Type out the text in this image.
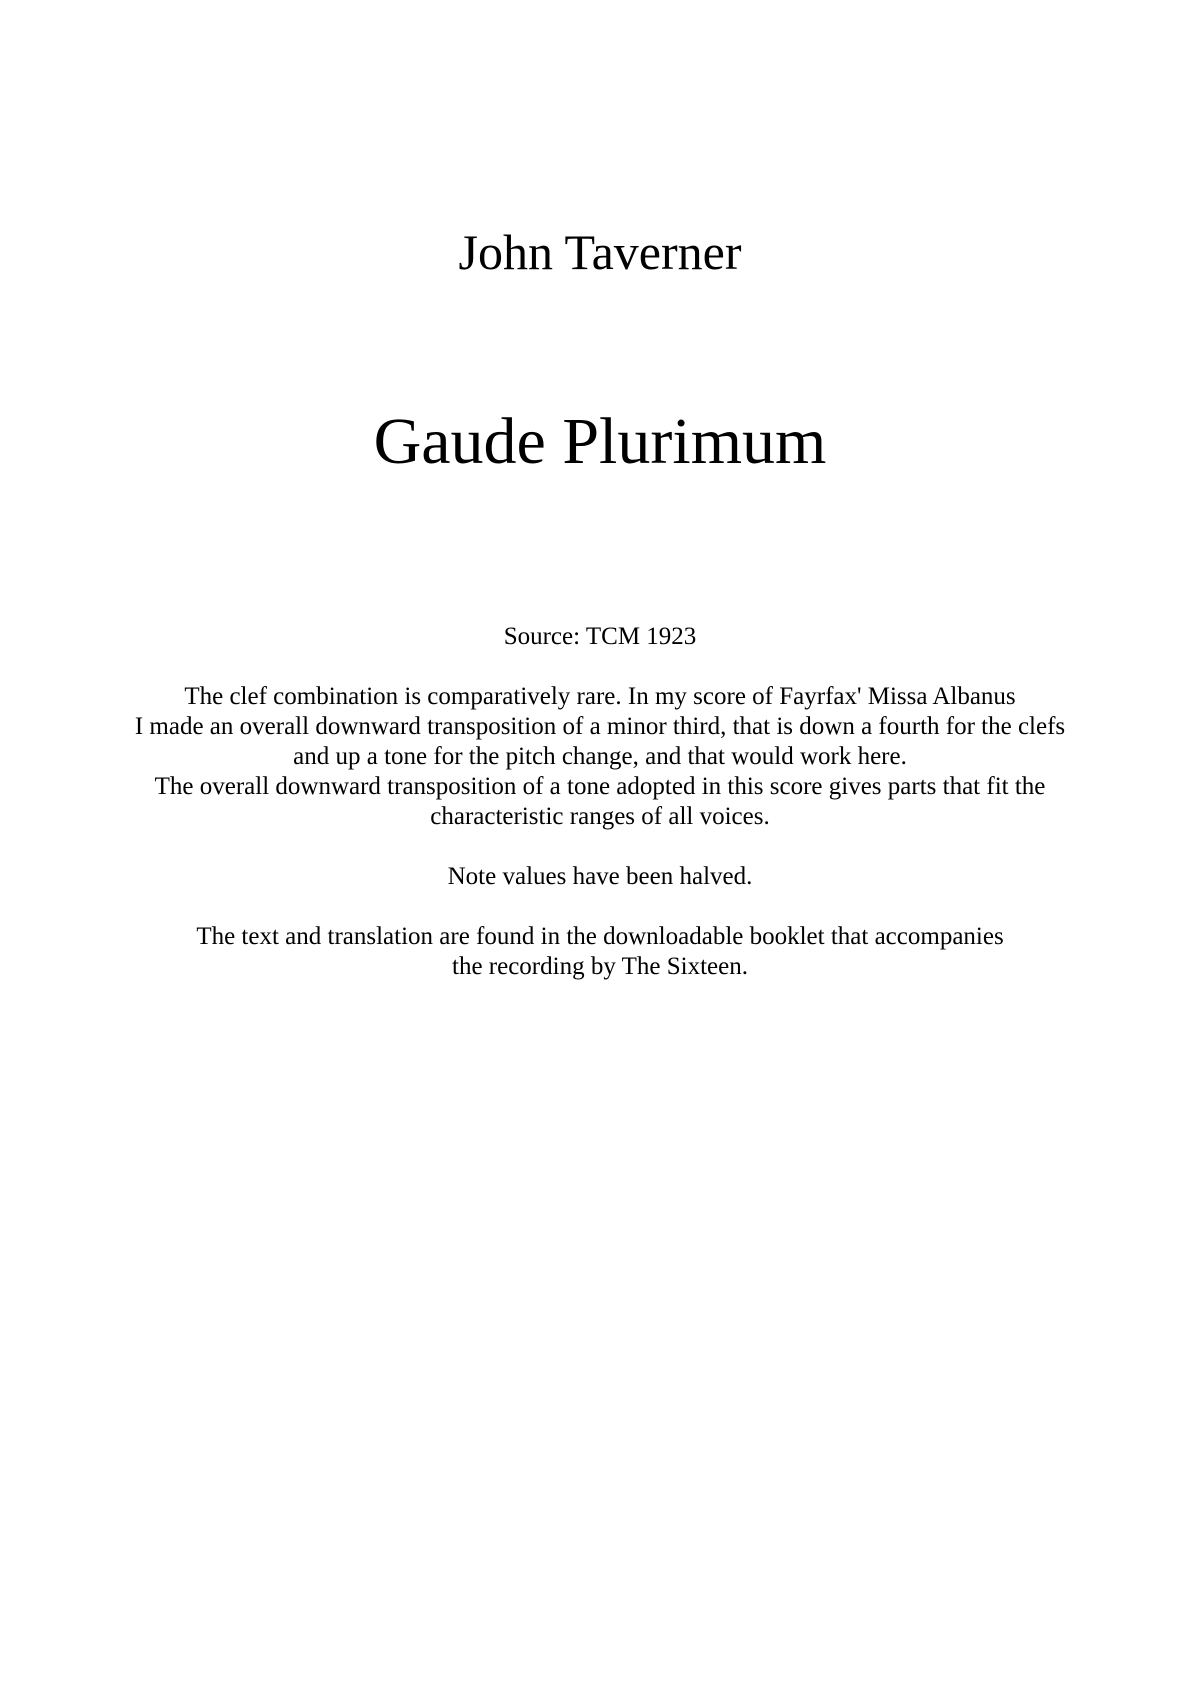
John Taverner
Gaude Plurimum

Source: TCM 1923

The clef combination is comparatively rare. In my score of Fayrfax' Missa Albanus
I made an overall downward transposition of a minor third, that is down a fourth for the clefs
and up a tone for the pitch change, and that would work here.
The overall downward transposition of a tone adopted in this score gives parts that fit the
characteristic ranges of all voices.

Note values have been halved.

The text and translation are found in the downloadable booklet that accompanies
the recording by The Sixteen.
